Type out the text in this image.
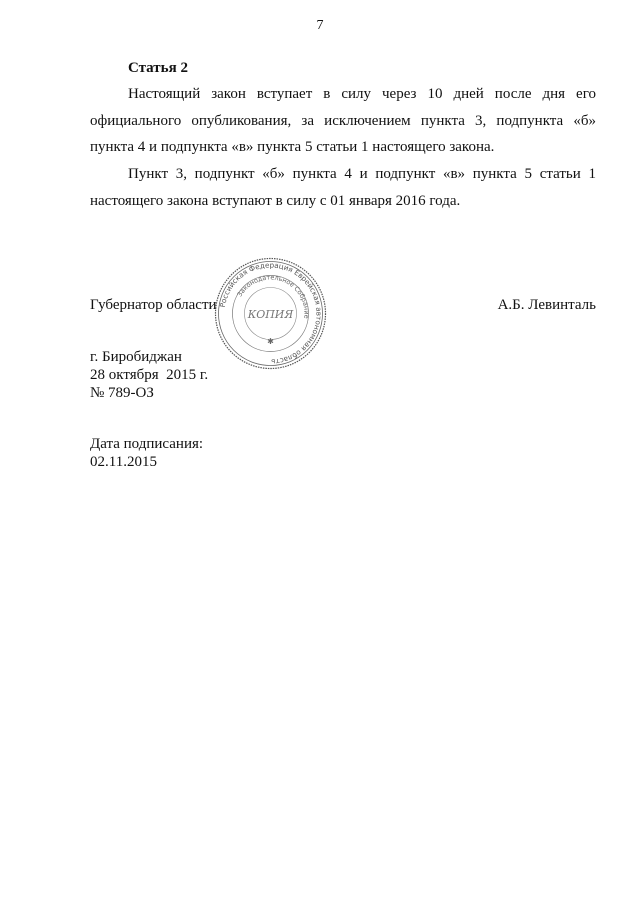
7
Статья 2

Настоящий закон вступает в силу через 10 дней после дня его официального опубликования, за исключением пункта 3, подпункта «б» пункта 4 и подпункта «в» пункта 5 статьи 1 настоящего закона.

Пункт 3, подпункт «б» пункта 4 и подпункт «в» пункта 5 статьи 1 настоящего закона вступают в силу с 01 января 2016 года.

Губернатор области	А.Б. Левинталь
Российская Федерация Еврейская автономная область
Законодательное Собрание
КОПИЯ
✱
г. Биробиджан
28 октября  2015 г.
№ 789-ОЗ
Дата подписания:
02.11.2015
